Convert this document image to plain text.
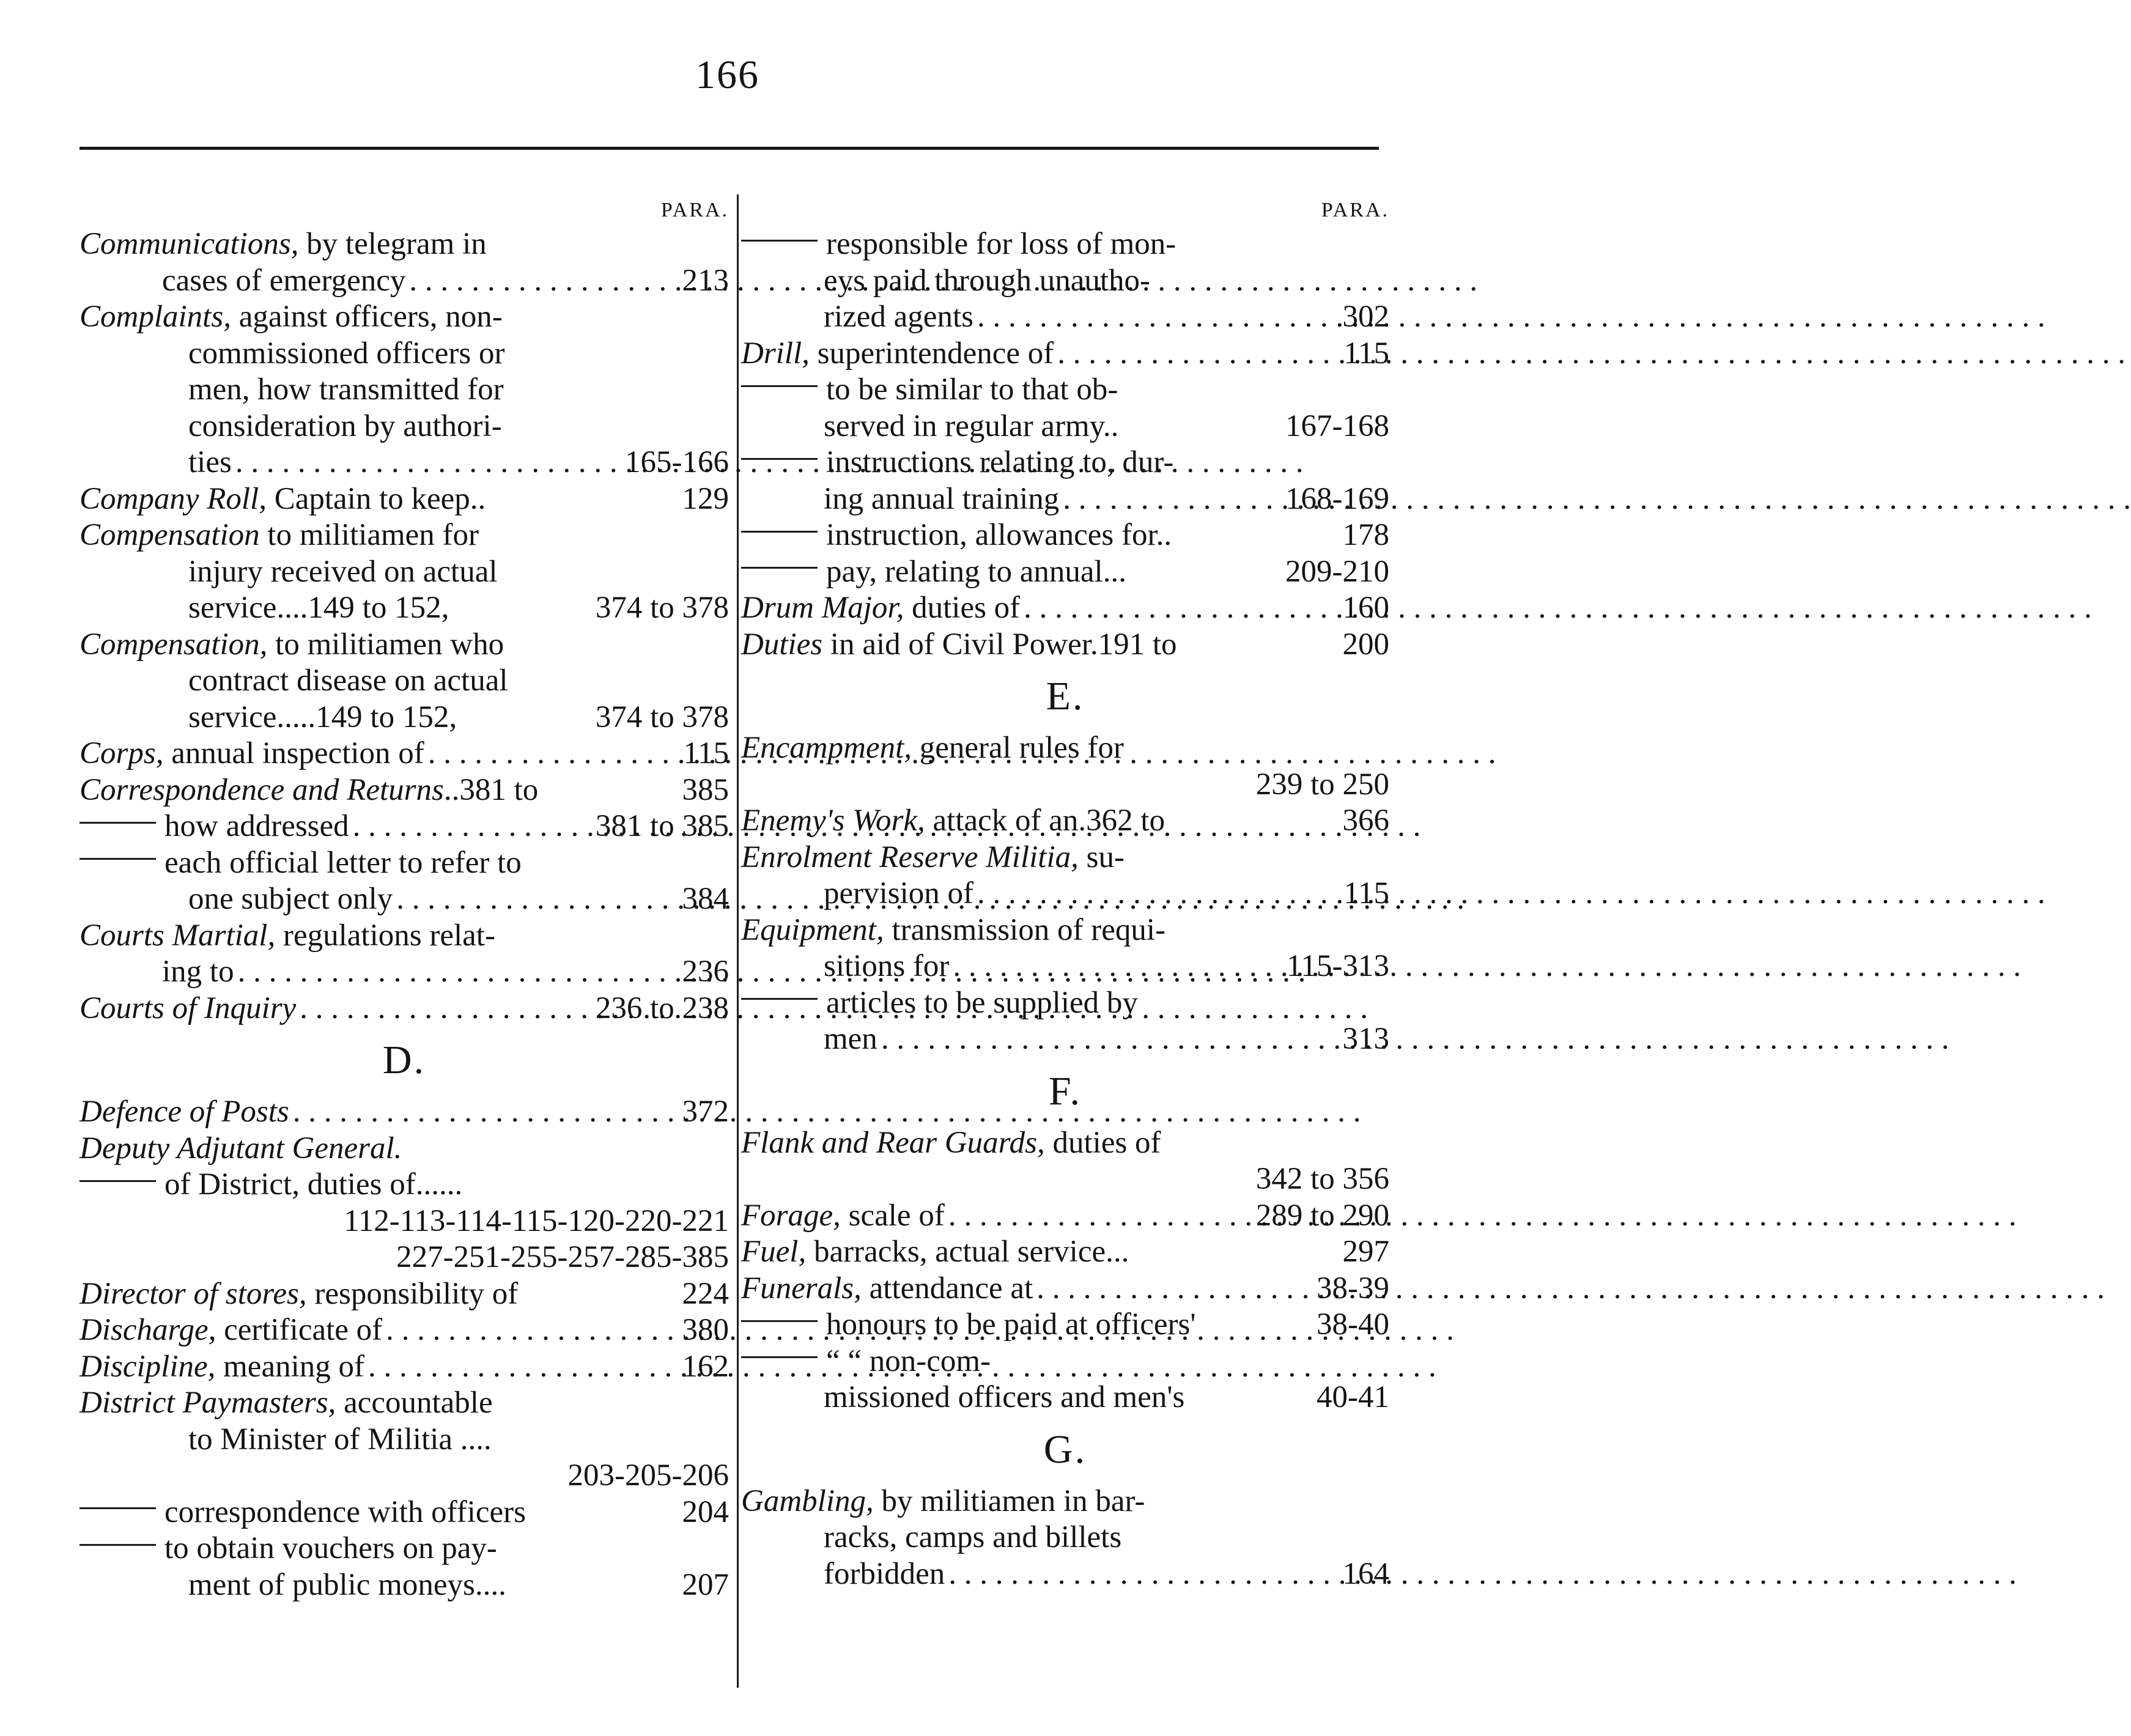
166
PARA.
Communications, by telegram in
cases of emergency . . .	213
Complaints, against officers, non-
commissioned officers or
men, how transmitted for
consideration by authori-
ties . . .	165-166
Company Roll, Captain to keep..	129
Compensation to militiamen for
injury received on actual
service....149 to 152,	374 to 378
Compensation, to militiamen who
contract disease on actual
service.....149 to 152,	374 to 378
Corps, annual inspection of . . .	115
Correspondence and Returns..381 to	385
how addressed . . .	381 to 385
each official letter to refer to
one subject only . . .	384
Courts Martial, regulations relat-
ing to . . .	236
Courts of Inquiry . . .	236 to 238
D.
Defence of Posts . . .	372
Deputy Adjutant General.
of District, duties of......
112-113-114-115-120-220-221
227-251-255-257-285-385
Director of stores, responsibility of	224
Discharge, certificate of . . .	380
Discipline, meaning of . . .	162
District Paymasters, accountable
to Minister of Militia ....
203-205-206
correspondence with officers	204
to obtain vouchers on pay-
ment of public moneys....	207
PARA.
responsible for loss of mon-
eys paid through unautho-
rized agents . . .	302
Drill, superintendence of . . .	115
to be similar to that ob-
served in regular army..	167-168
instructions relating to, dur-
ing annual training . . .	168-169
instruction, allowances for..	178
pay, relating to annual...	209-210
Drum Major, duties of . . .	160
Duties in aid of Civil Power.191 to	200
E.
Encampment, general rules for
239 to 250
Enemy's Work, attack of an.362 to	366
Enrolment Reserve Militia, su-
pervision of . . .	115
Equipment, transmission of requi-
sitions for . . .	115-313
articles to be supplied by
men . . .	313
F.
Flank and Rear Guards, duties of
342 to 356
Forage, scale of . . .	289 to 290
Fuel, barracks, actual service...	297
Funerals, attendance at . . .	38-39
honours to be paid at officers'	38-40
“ “ non-com-
missioned officers and men's	40-41
G.
Gambling, by militiamen in bar-
racks, camps and billets
forbidden . . .	164
